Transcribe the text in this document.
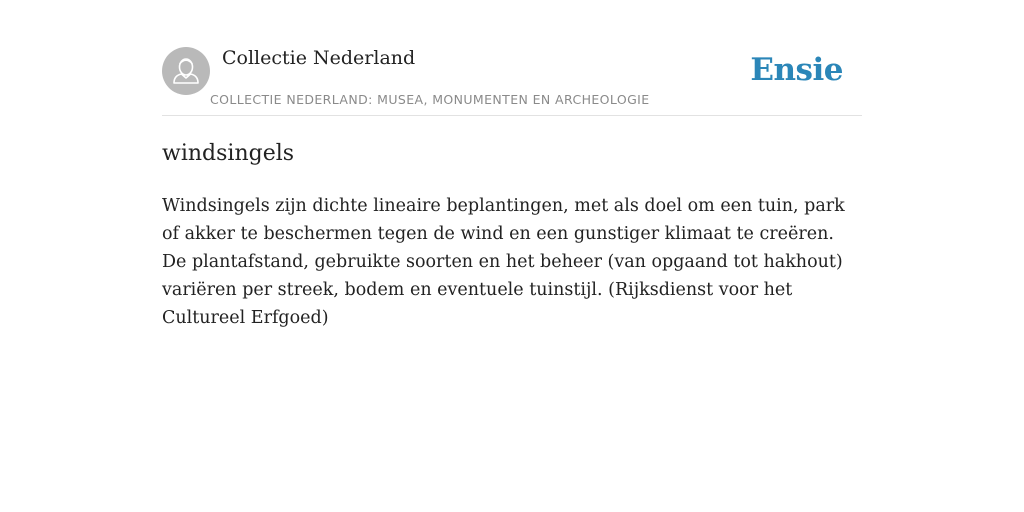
Collectie Nederland
COLLECTIE NEDERLAND: MUSEA, MONUMENTEN EN ARCHEOLOGIE
Ensie
windsingels

Windsingels zijn dichte lineaire beplantingen, met als doel om een tuin, park of akker te beschermen tegen de wind en een gunstiger klimaat te creëren. De plantafstand, gebruikte soorten en het beheer (van opgaand tot hakhout) variëren per streek, bodem en eventuele tuinstijl. (Rijksdienst voor het Cultureel Erfgoed)
